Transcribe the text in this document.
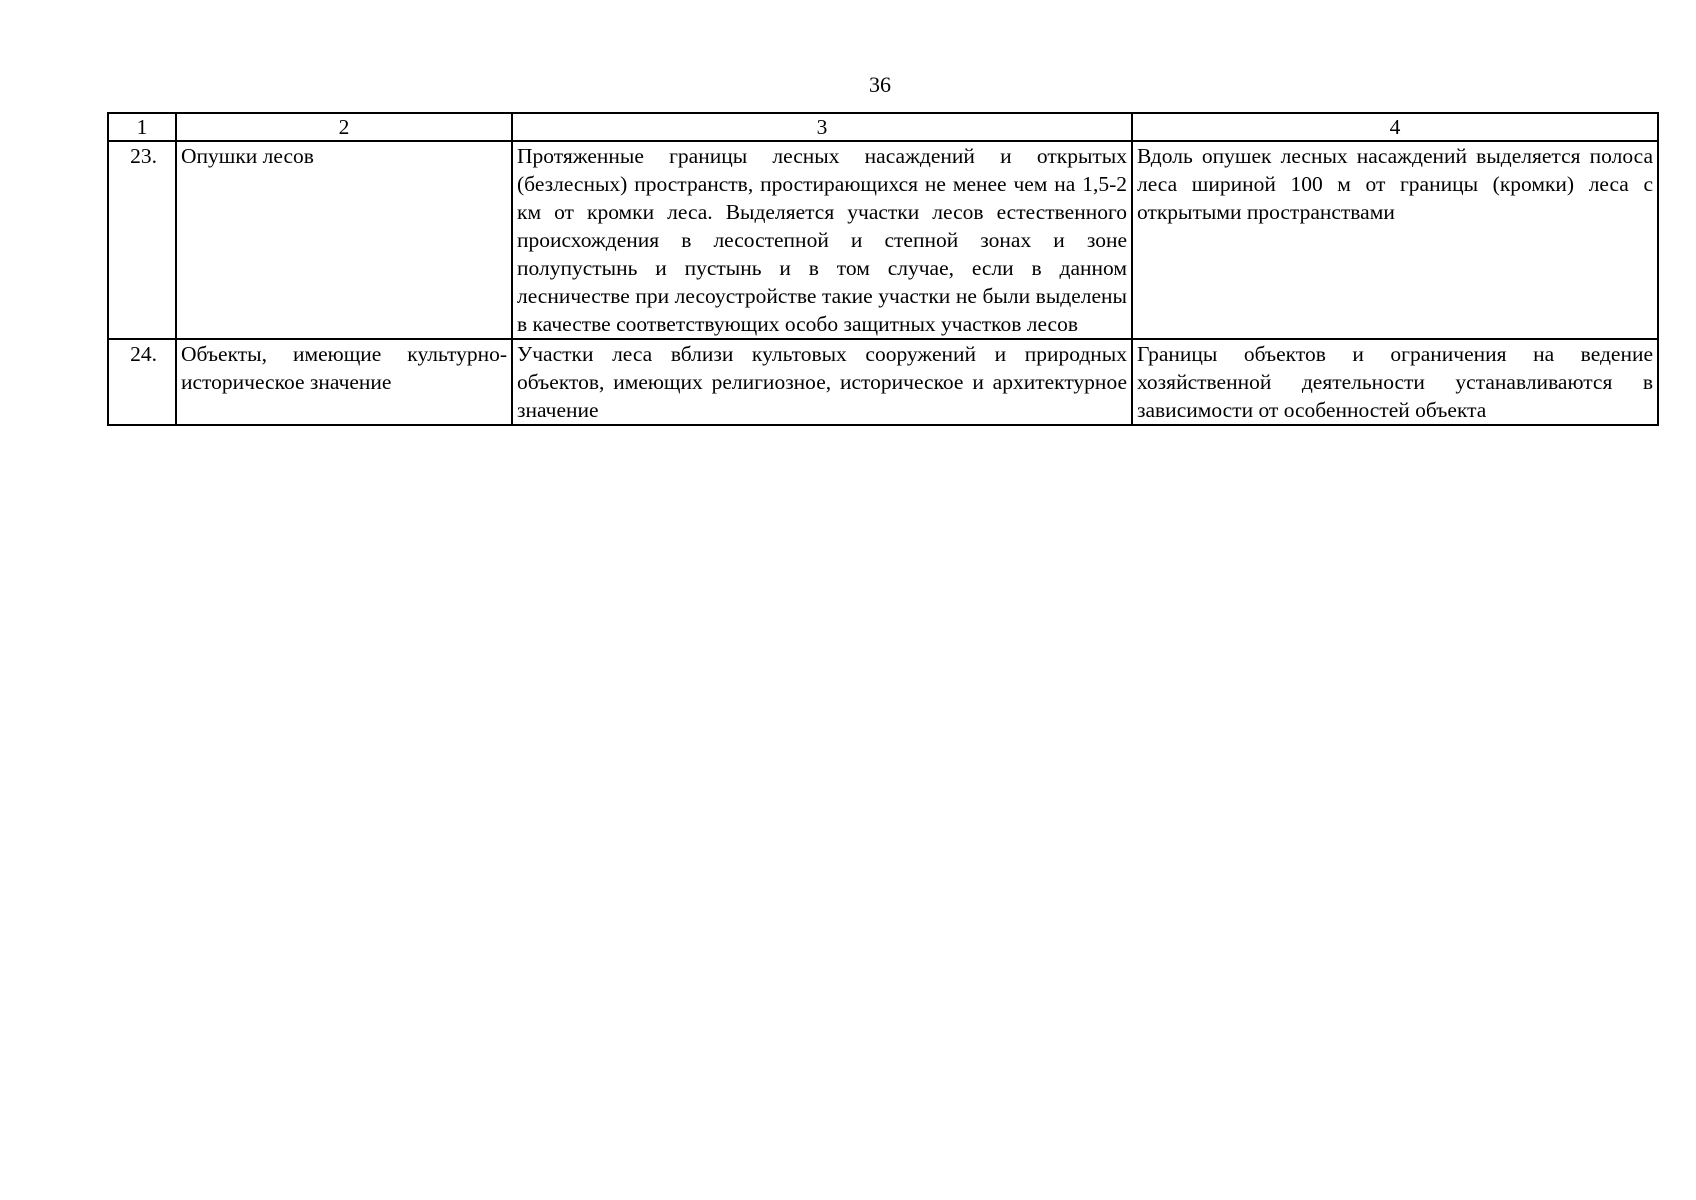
36
1	2	3	4
23.	Опушки лесов	Протяженные границы лесных насаждений и открытых (безлесных) пространств, простирающихся не менее чем на 1,5-2 км от кромки леса. Выделяется участки лесов естественного происхождения в лесостепной и степной зонах и зоне полупустынь и пустынь и в том случае, если в данном лесничестве при лесоустройстве такие участки не были выделены в качестве соответствующих особо защитных участков лесов	Вдоль опушек лесных насаждений выделяется полоса леса шириной 100 м от границы (кромки) леса с открытыми пространствами
24.	Объекты, имеющие культурно-историческое значение	Участки леса вблизи культовых сооружений и природных объектов, имеющих религиозное, историческое и архитектурное значение	Границы объектов и ограничения на ведение хозяйственной деятельности устанавливаются в зависимости от особенностей объекта
